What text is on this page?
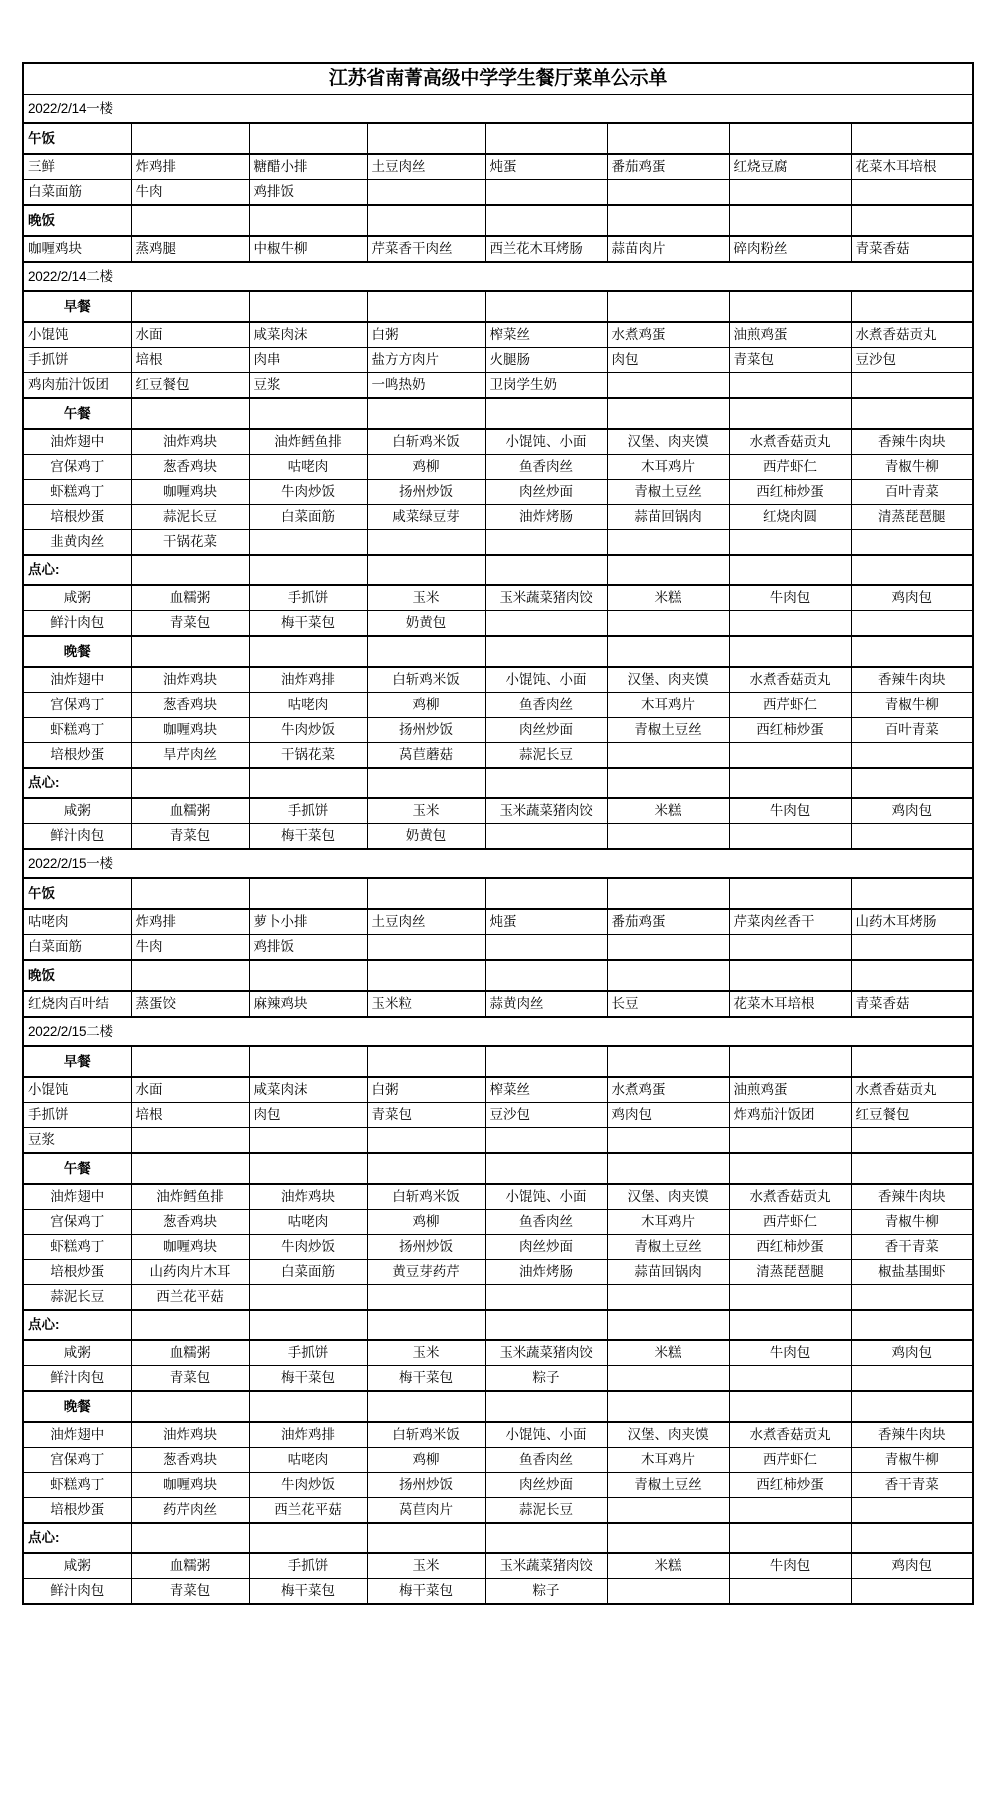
江苏省南菁高级中学学生餐厅菜单公示单							
2022/2/14一楼							
午饭							
三鲜	炸鸡排	糖醋小排	土豆肉丝	炖蛋	番茄鸡蛋	红烧豆腐	花菜木耳培根
白菜面筋	牛肉	鸡排饭					
晚饭							
咖喱鸡块	蒸鸡腿	中椒牛柳	芹菜香干肉丝	西兰花木耳烤肠	蒜苗肉片	碎肉粉丝	青菜香菇
2022/2/14二楼							
早餐							
小馄饨	水面	咸菜肉沫	白粥	榨菜丝	水煮鸡蛋	油煎鸡蛋	水煮香菇贡丸
手抓饼	培根	肉串	盐方方肉片	火腿肠	肉包	青菜包	豆沙包
鸡肉茄汁饭团	红豆餐包	豆浆	一鸣热奶	卫岗学生奶			
午餐							
油炸翅中	油炸鸡块	油炸鳕鱼排	白斩鸡米饭	小馄饨、小面	汉堡、肉夹馍	水煮香菇贡丸	香辣牛肉块
宫保鸡丁	葱香鸡块	咕咾肉	鸡柳	鱼香肉丝	木耳鸡片	西芹虾仁	青椒牛柳
虾糕鸡丁	咖喱鸡块	牛肉炒饭	扬州炒饭	肉丝炒面	青椒土豆丝	西红柿炒蛋	百叶青菜
培根炒蛋	蒜泥长豆	白菜面筋	咸菜绿豆芽	油炸烤肠	蒜苗回锅肉	红烧肉圆	清蒸琵琶腿
韭黄肉丝	干锅花菜						
点心:							
咸粥	血糯粥	手抓饼	玉米	玉米蔬菜猪肉饺	米糕	牛肉包	鸡肉包
鲜汁肉包	青菜包	梅干菜包	奶黄包				
晚餐							
油炸翅中	油炸鸡块	油炸鸡排	白斩鸡米饭	小馄饨、小面	汉堡、肉夹馍	水煮香菇贡丸	香辣牛肉块
宫保鸡丁	葱香鸡块	咕咾肉	鸡柳	鱼香肉丝	木耳鸡片	西芹虾仁	青椒牛柳
虾糕鸡丁	咖喱鸡块	牛肉炒饭	扬州炒饭	肉丝炒面	青椒土豆丝	西红柿炒蛋	百叶青菜
培根炒蛋	旱芹肉丝	干锅花菜	莴苣蘑菇	蒜泥长豆			
点心:							
咸粥	血糯粥	手抓饼	玉米	玉米蔬菜猪肉饺	米糕	牛肉包	鸡肉包
鲜汁肉包	青菜包	梅干菜包	奶黄包				
2022/2/15一楼							
午饭							
咕咾肉	炸鸡排	萝卜小排	土豆肉丝	炖蛋	番茄鸡蛋	芹菜肉丝香干	山药木耳烤肠
白菜面筋	牛肉	鸡排饭					
晚饭							
红烧肉百叶结	蒸蛋饺	麻辣鸡块	玉米粒	蒜黄肉丝	长豆	花菜木耳培根	青菜香菇
2022/2/15二楼							
早餐							
小馄饨	水面	咸菜肉沫	白粥	榨菜丝	水煮鸡蛋	油煎鸡蛋	水煮香菇贡丸
手抓饼	培根	肉包	青菜包	豆沙包	鸡肉包	炸鸡茄汁饭团	红豆餐包
豆浆							
午餐							
油炸翅中	油炸鳕鱼排	油炸鸡块	白斩鸡米饭	小馄饨、小面	汉堡、肉夹馍	水煮香菇贡丸	香辣牛肉块
宫保鸡丁	葱香鸡块	咕咾肉	鸡柳	鱼香肉丝	木耳鸡片	西芹虾仁	青椒牛柳
虾糕鸡丁	咖喱鸡块	牛肉炒饭	扬州炒饭	肉丝炒面	青椒土豆丝	西红柿炒蛋	香干青菜
培根炒蛋	山药肉片木耳	白菜面筋	黄豆芽药芹	油炸烤肠	蒜苗回锅肉	清蒸琵琶腿	椒盐基围虾
蒜泥长豆	西兰花平菇						
点心:							
咸粥	血糯粥	手抓饼	玉米	玉米蔬菜猪肉饺	米糕	牛肉包	鸡肉包
鲜汁肉包	青菜包	梅干菜包	梅干菜包	粽子			
晚餐							
油炸翅中	油炸鸡块	油炸鸡排	白斩鸡米饭	小馄饨、小面	汉堡、肉夹馍	水煮香菇贡丸	香辣牛肉块
宫保鸡丁	葱香鸡块	咕咾肉	鸡柳	鱼香肉丝	木耳鸡片	西芹虾仁	青椒牛柳
虾糕鸡丁	咖喱鸡块	牛肉炒饭	扬州炒饭	肉丝炒面	青椒土豆丝	西红柿炒蛋	香干青菜
培根炒蛋	药芹肉丝	西兰花平菇	莴苣肉片	蒜泥长豆			
点心:							
咸粥	血糯粥	手抓饼	玉米	玉米蔬菜猪肉饺	米糕	牛肉包	鸡肉包
鲜汁肉包	青菜包	梅干菜包	梅干菜包	粽子			
